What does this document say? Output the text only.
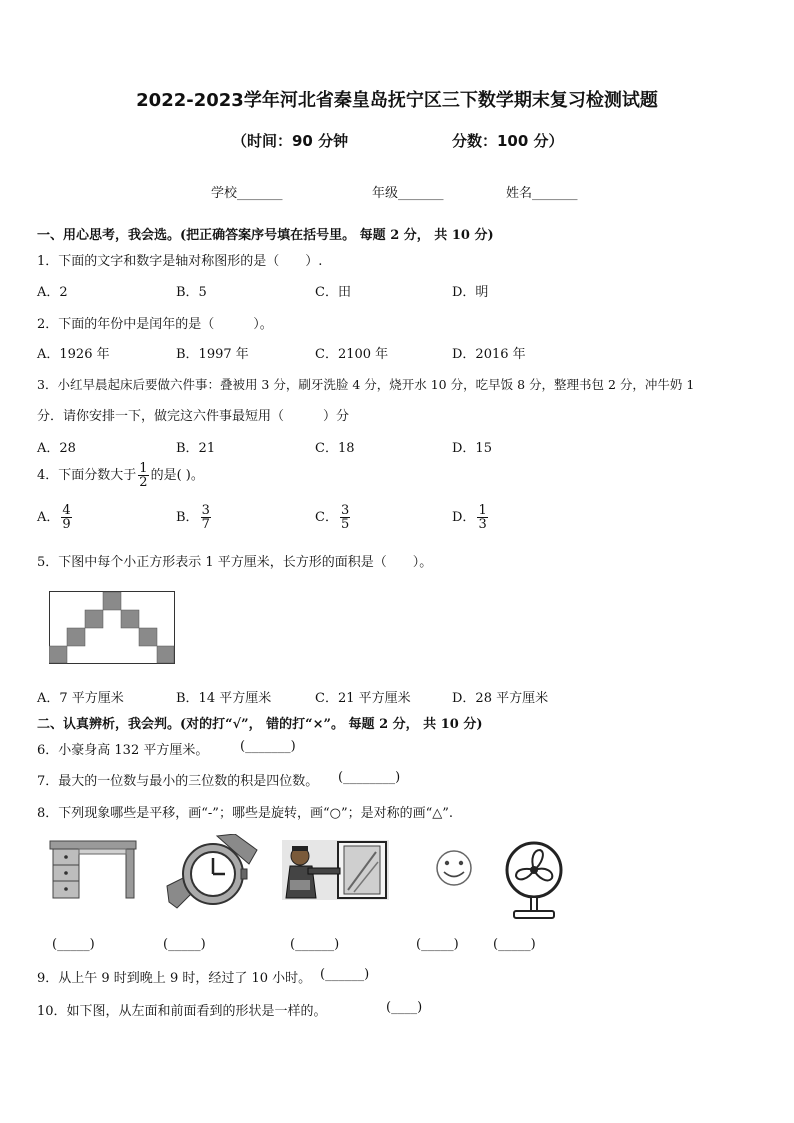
2022-2023学年河北省秦皇岛抚宁区三下数学期末复习检测试题
（时间：90 分钟	分数：100 分）
学校_______	年级_______	姓名_______
一、用心思考，我会选。(把正确答案序号填在括号里。 每题 2 分， 共 10 分)
1．下面的文字和数字是轴对称图形的是（　　）.
A．2	B．5	C．田	D．明
2．下面的年份中是闰年的是（　　　）。
A．1926 年	B．1997 年	C．2100 年	D．2016 年
3．小红早晨起床后要做六件事：叠被用 3 分，刷牙洗脸 4 分，烧开水 10 分，吃早饭 8 分，整理书包 2 分，冲牛奶 1
分．请你安排一下，做完这六件事最短用（　　　）分
A．28	B．21	C．18	D．15
4．下面分数大于 $\frac{1}{2}$ 的是( )。
A． $\frac{4}{9}$	B． $\frac{3}{7}$	C． $\frac{3}{5}$	D． $\frac{1}{3}$
5．下图中每个小正方形表示 1 平方厘米，长方形的面积是（　　）。
A．7 平方厘米	B．14 平方厘米	C．21 平方厘米	D．28 平方厘米
二、认真辨析，我会判。(对的打“√”， 错的打“×”。 每题 2 分， 共 10 分)
6．小豪身高 132 平方厘米。 (_______)
7．最大的一位数与最小的三位数的积是四位数。 (________)
8．下列现象哪些是平移，画“-”；哪些是旋转，画“○”；是对称的画“△”.
(_____)	(_____)	(______)	(_____)	(_____)
9．从上午 9 时到晚上 9 时，经过了 10 小时。 (______)
10．如下图，从左面和前面看到的形状是一样的。	(____)
